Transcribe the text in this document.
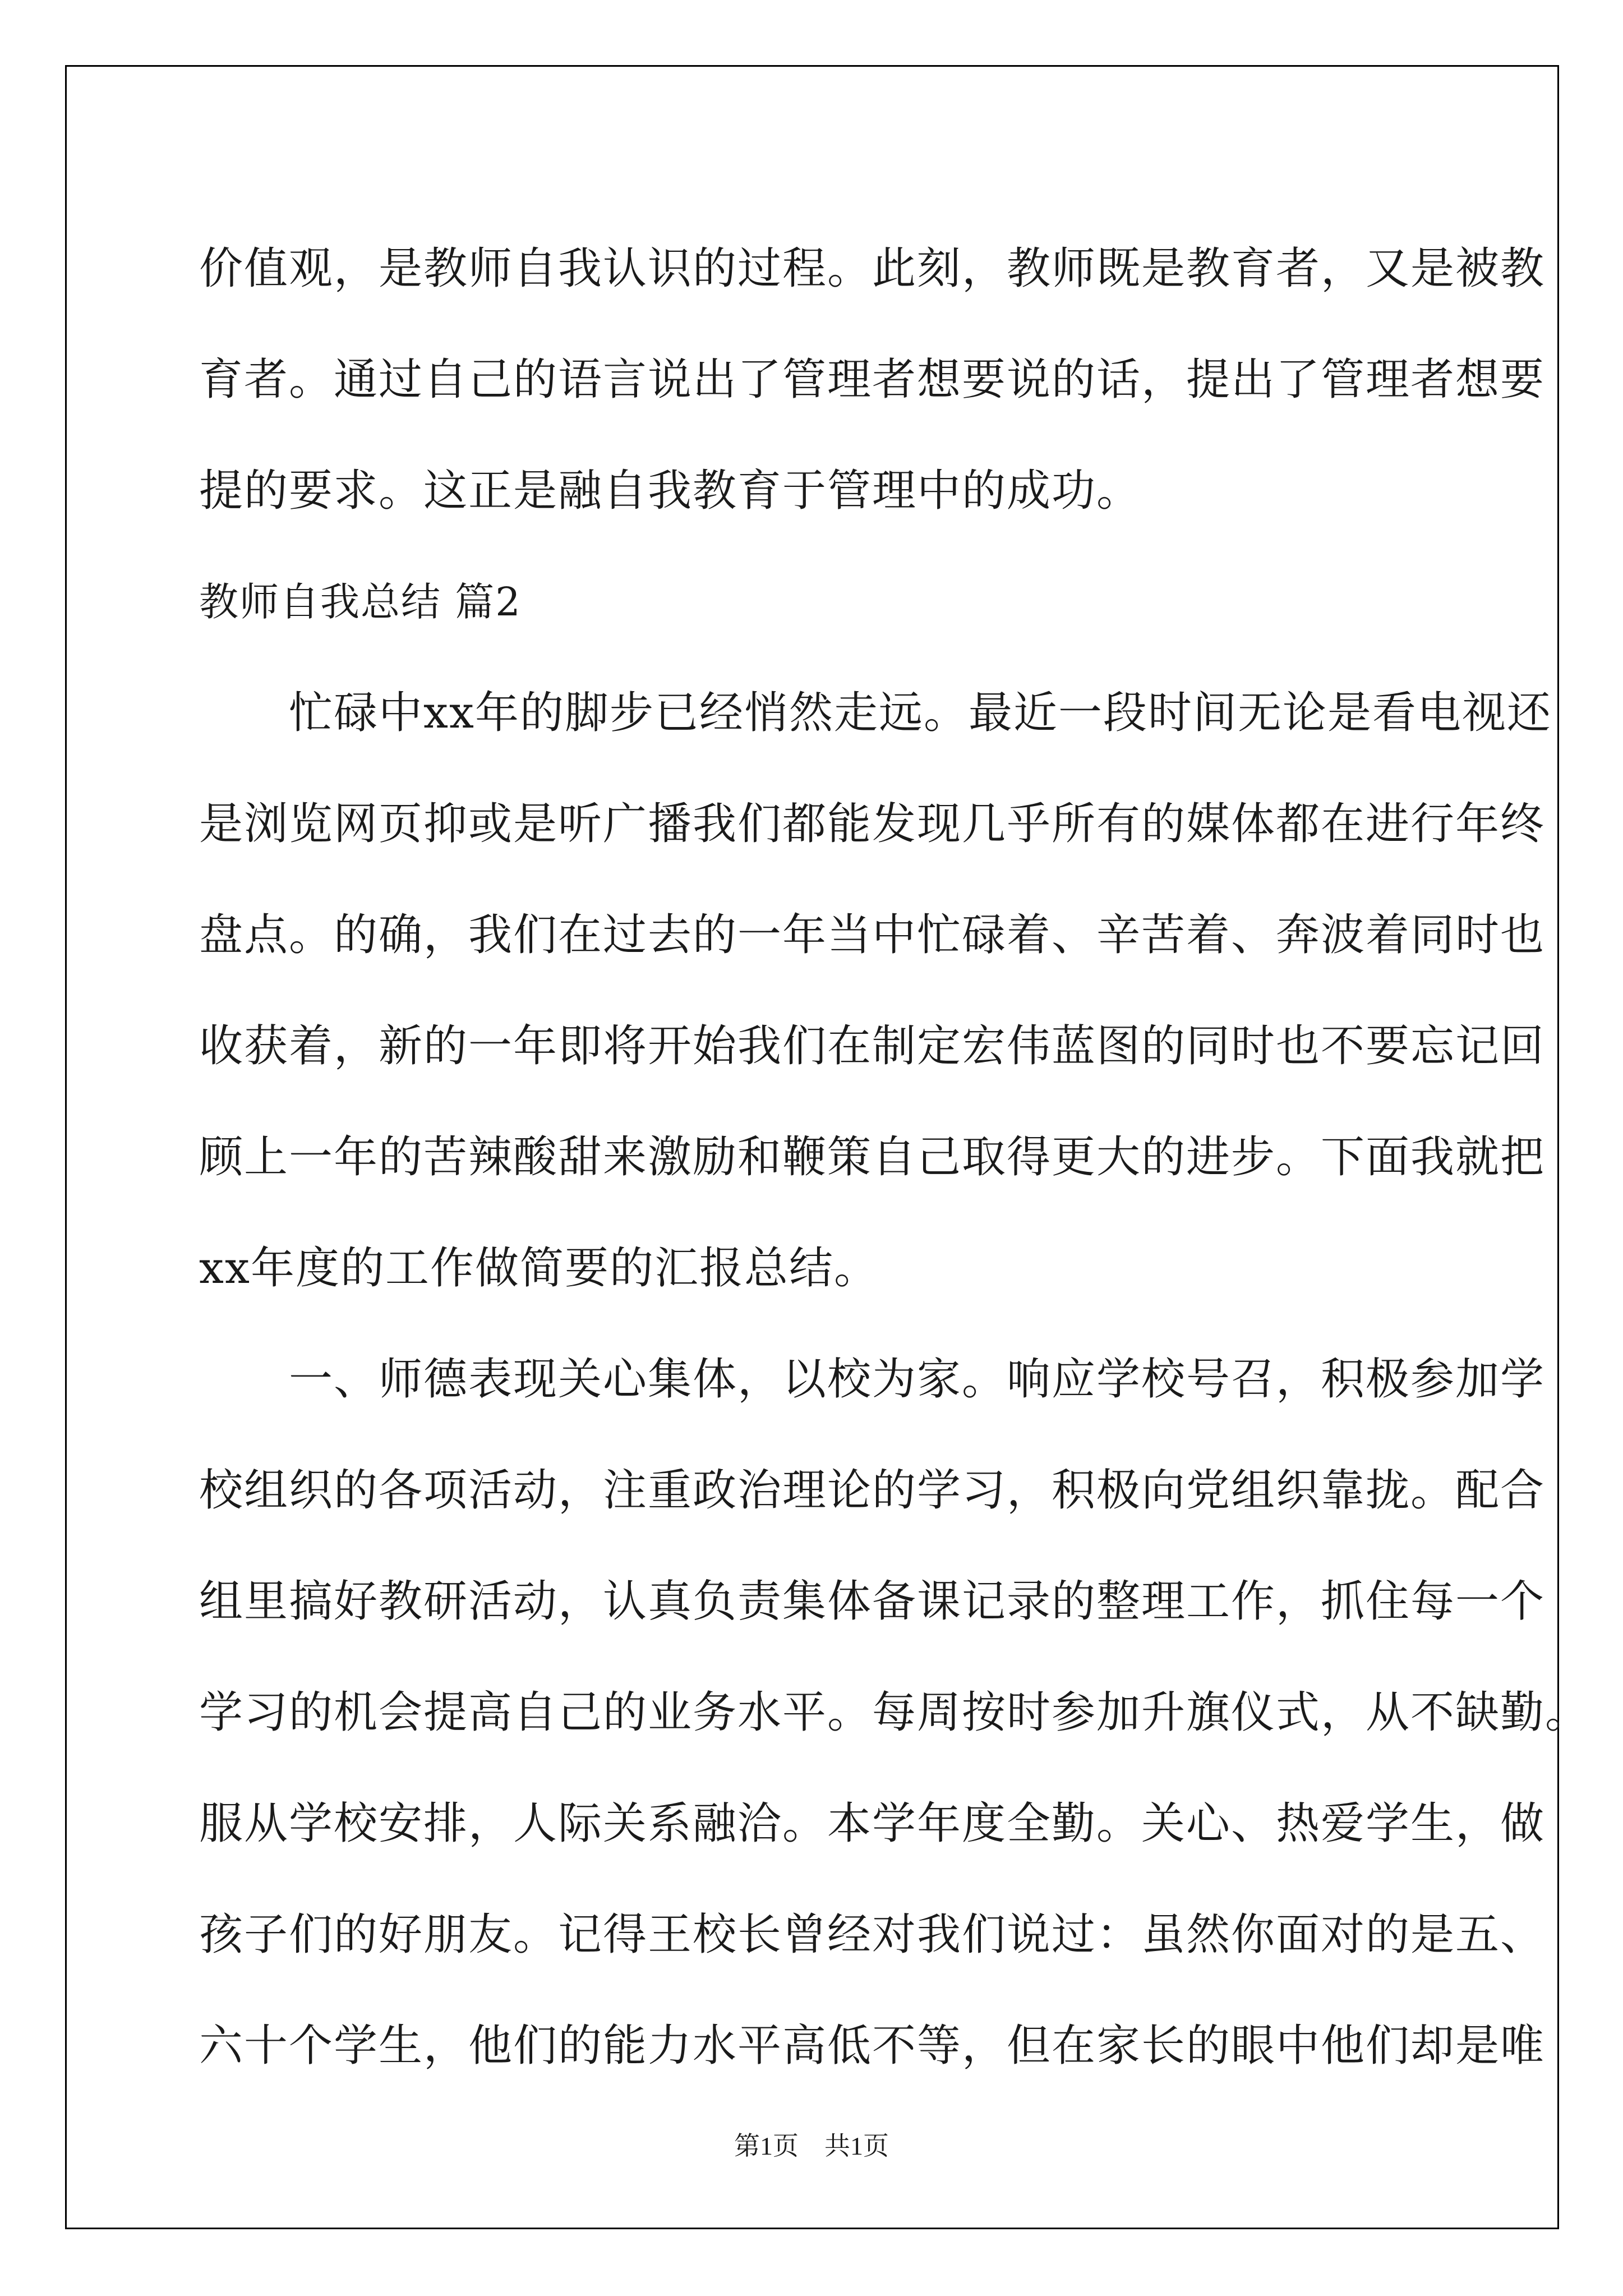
价值观，是教师自我认识的过程。此刻，教师既是教育者，又是被教
育者。通过自己的语言说出了管理者想要说的话，提出了管理者想要
提的要求。这正是融自我教育于管理中的成功。
教师自我总结 篇2
　　忙碌中xx年的脚步已经悄然走远。最近一段时间无论是看电视还
是浏览网页抑或是听广播我们都能发现几乎所有的媒体都在进行年终
盘点。的确，我们在过去的一年当中忙碌着、辛苦着、奔波着同时也
收获着，新的一年即将开始我们在制定宏伟蓝图的同时也不要忘记回
顾上一年的苦辣酸甜来激励和鞭策自己取得更大的进步。下面我就把
xx年度的工作做简要的汇报总结。
　　一、师德表现关心集体，以校为家。响应学校号召，积极参加学
校组织的各项活动，注重政治理论的学习，积极向党组织靠拢。配合
组里搞好教研活动，认真负责集体备课记录的整理工作，抓住每一个
学习的机会提高自己的业务水平。每周按时参加升旗仪式，从不缺勤。
服从学校安排，人际关系融洽。本学年度全勤。关心、热爱学生，做
孩子们的好朋友。记得王校长曾经对我们说过：虽然你面对的是五、
六十个学生，他们的能力水平高低不等，但在家长的眼中他们却是唯
第1页　共1页
